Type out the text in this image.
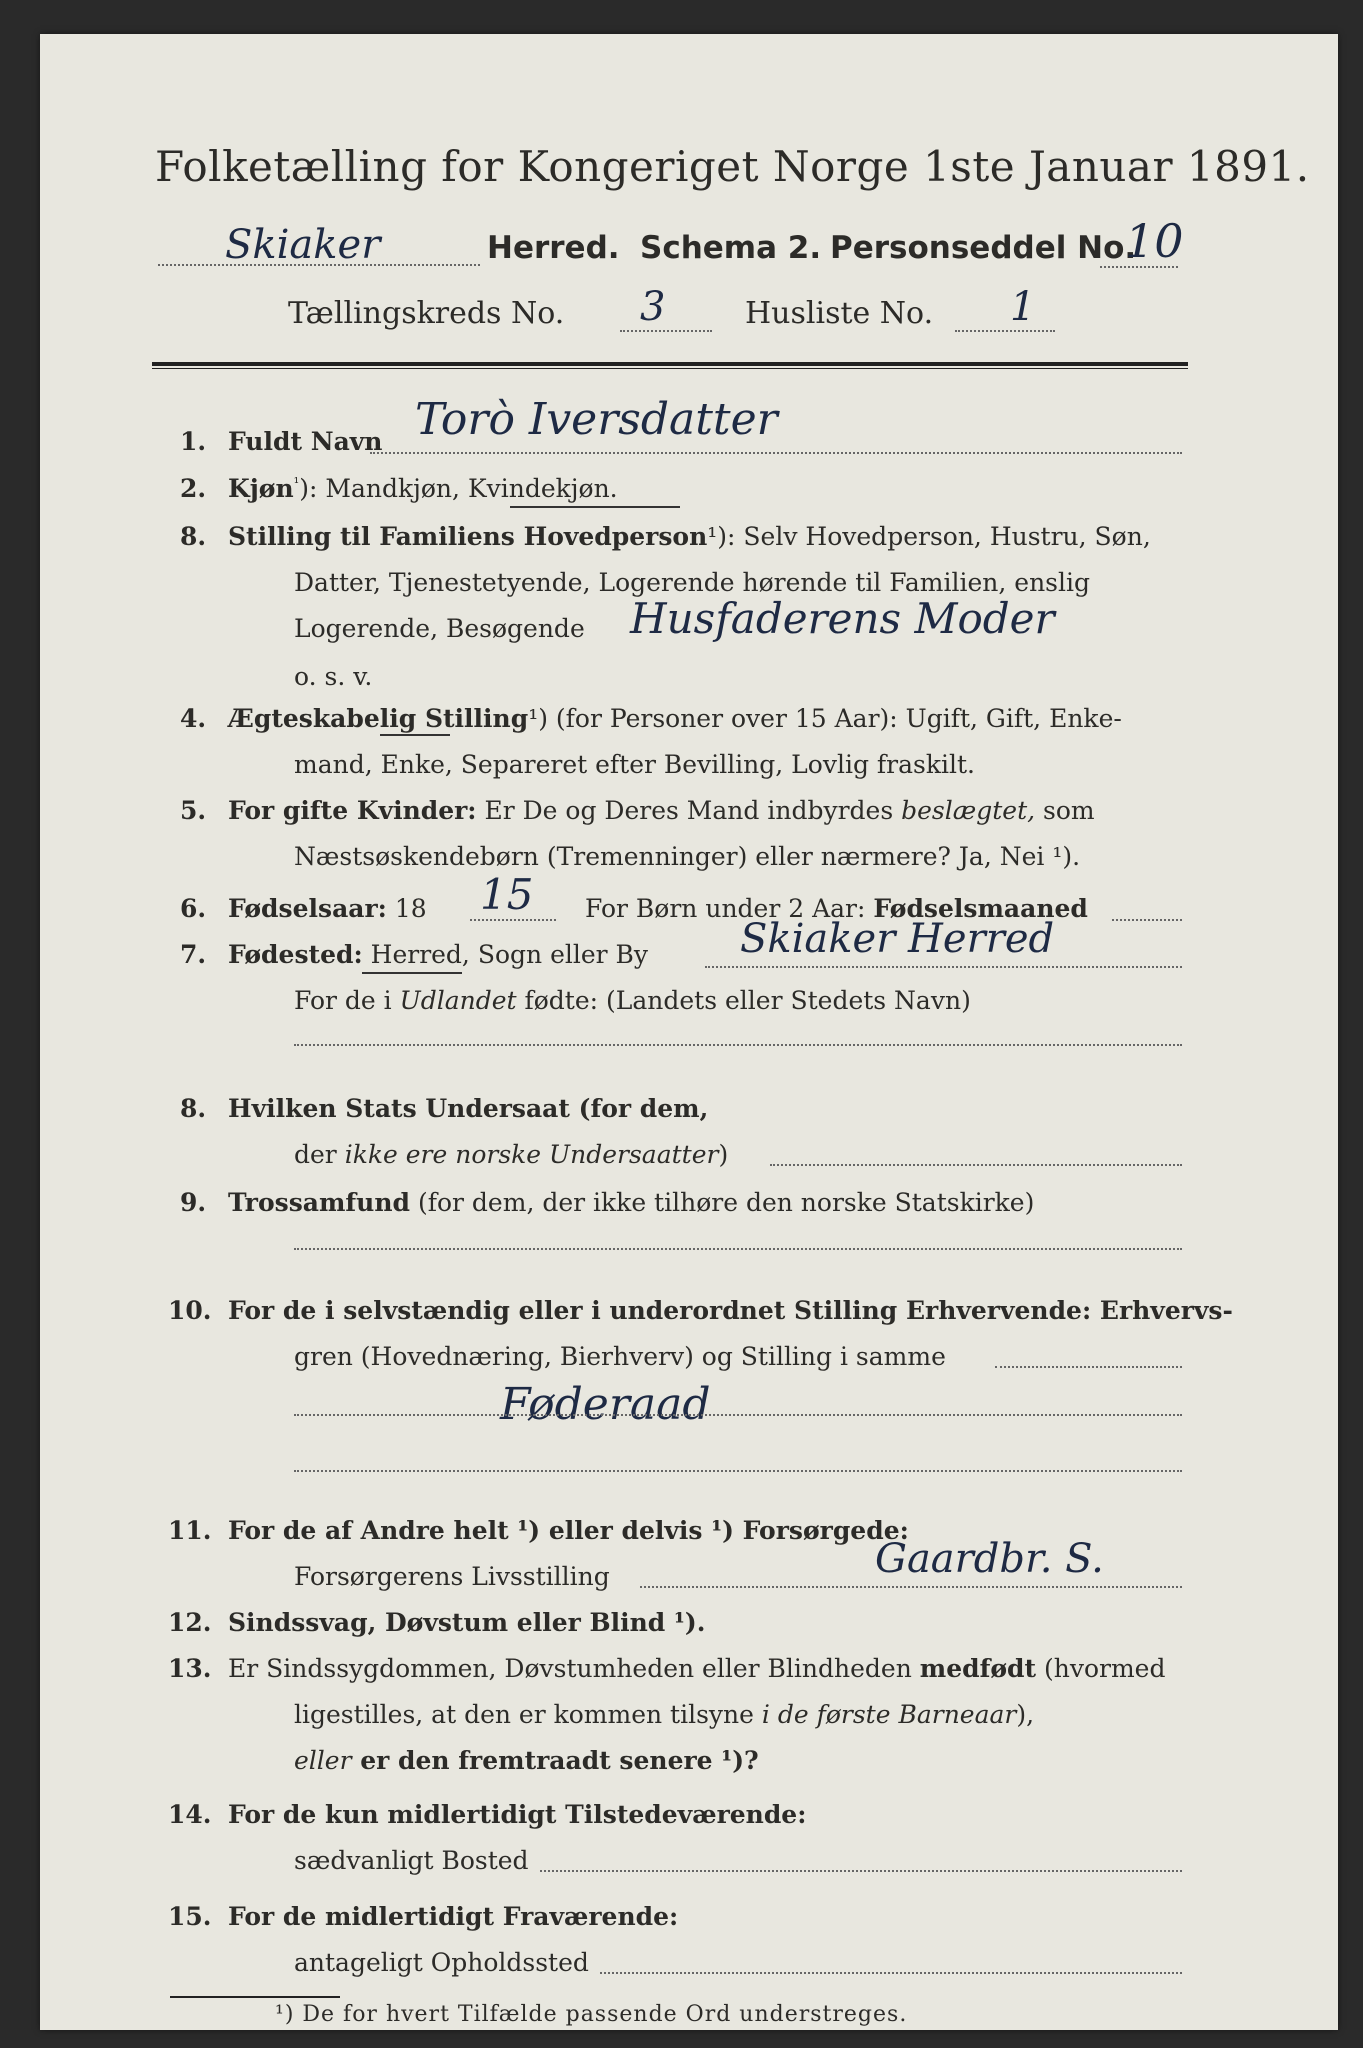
Folketælling for Kongeriget Norge 1ste Januar 1891.
Skiaker	Herred. Schema 2. Personseddel No.
10
Tællingskreds No. 3	Husliste No. 1
1. Fuldt Navn Torò Iversdatter
2. Kjøn$^{^1}$): Mandkjøn, Kvindekjøn.
8. Stilling til Familiens Hovedperson¹): Selv Hovedperson, Hustru, Søn,
Datter, Tjenestetyende, Logerende hørende til Familien, enslig
Logerende, Besøgende Husfaderens Moder
o. s. v.
4. Ægteskabelig Stilling¹) (for Personer over 15 Aar): Ugift, Gift, Enke-
mand, Enke, Separeret efter Bevilling, Lovlig fraskilt.
5. For gifte Kvinder: Er De og Deres Mand indbyrdes beslægtet, som
Næstsøskendebørn (Tremenninger) eller nærmere? Ja, Nei ¹).
6. Fødselsaar: 18 15 For Børn under 2 Aar: Fødselsmaaned
7. Fødested: Herred, Sogn eller By Skiaker Herred
For de i Udlandet fødte: (Landets eller Stedets Navn)
8. Hvilken Stats Undersaat (for dem,
der ikke ere norske Undersaatter)
9. Trossamfund (for dem, der ikke tilhøre den norske Statskirke)
10. For de i selvstændig eller i underordnet Stilling Erhvervende: Erhvervs-
gren (Hovednæring, Bierhverv) og Stilling i samme
Føderaad
11. For de af Andre helt ¹) eller delvis ¹) Forsørgede:
Forsørgerens Livsstilling	Gaardbr. S.
12. Sindssvag, Døvstum eller Blind ¹).
13. Er Sindssygdommen, Døvstumheden eller Blindheden medfødt (hvormed
ligestilles, at den er kommen tilsyne i de første Barneaar),
eller er den fremtraadt senere ¹)?
14. For de kun midlertidigt Tilstedeværende:
sædvanligt Bosted
15. For de midlertidigt Fraværende:
antageligt Opholdssted
¹) De for hvert Tilfælde passende Ord understreges.
